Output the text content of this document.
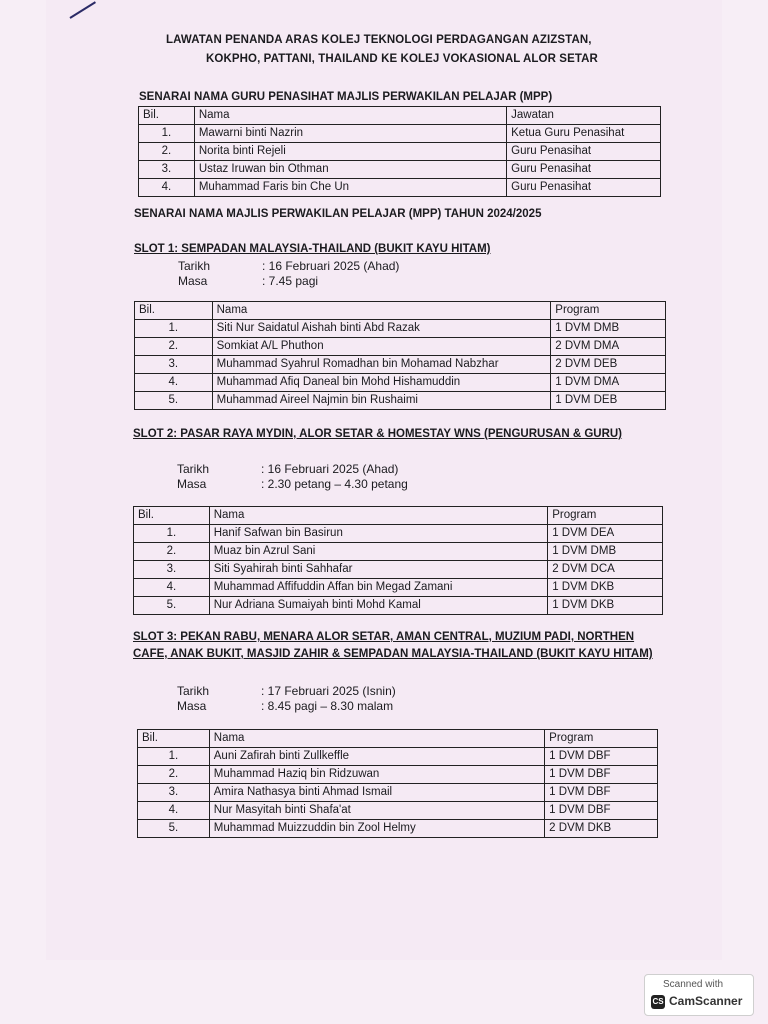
LAWATAN PENANDA ARAS KOLEJ TEKNOLOGI PERDAGANGAN AZIZSTAN,
KOKPHO, PATTANI, THAILAND KE KOLEJ VOKASIONAL ALOR SETAR
SENARAI NAMA GURU PENASIHAT MAJLIS PERWAKILAN PELAJAR (MPP)
Bil.	Nama	Jawatan
1.	Mawarni binti Nazrin	Ketua Guru Penasihat
2.	Norita binti Rejeli	Guru Penasihat
3.	Ustaz Iruwan bin Othman	Guru Penasihat
4.	Muhammad Faris bin Che Un	Guru Penasihat
SENARAI NAMA MAJLIS PERWAKILAN PELAJAR (MPP) TAHUN 2024/2025
SLOT 1: SEMPADAN MALAYSIA-THAILAND (BUKIT KAYU HITAM)
Tarikh	: 16 Februari 2025 (Ahad)
Masa	: 7.45 pagi
Bil.	Nama	Program
1.	Siti Nur Saidatul Aishah binti Abd Razak	1 DVM DMB
2.	Somkiat A/L Phuthon	2 DVM DMA
3.	Muhammad Syahrul Romadhan bin Mohamad Nabzhar	2 DVM DEB
4.	Muhammad Afiq Daneal bin Mohd Hishamuddin	1 DVM DMA
5.	Muhammad Aireel Najmin bin Rushaimi	1 DVM DEB
SLOT 2: PASAR RAYA MYDIN, ALOR SETAR & HOMESTAY WNS (PENGURUSAN & GURU)
Tarikh	: 16 Februari 2025 (Ahad)
Masa	: 2.30 petang – 4.30 petang
Bil.	Nama	Program
1.	Hanif Safwan bin Basirun	1 DVM DEA
2.	Muaz bin Azrul Sani	1 DVM DMB
3.	Siti Syahirah binti Sahhafar	2 DVM DCA
4.	Muhammad Affifuddin Affan bin Megad Zamani	1 DVM DKB
5.	Nur Adriana Sumaiyah binti Mohd Kamal	1 DVM DKB
SLOT 3: PEKAN RABU, MENARA ALOR SETAR, AMAN CENTRAL, MUZIUM PADI, NORTHEN CAFE, ANAK BUKIT, MASJID ZAHIR & SEMPADAN MALAYSIA-THAILAND (BUKIT KAYU HITAM)
Tarikh	: 17 Februari 2025 (Isnin)
Masa	: 8.45 pagi – 8.30 malam
Bil.	Nama	Program
1.	Auni Zafirah binti Zullkeffle	1 DVM DBF
2.	Muhammad Haziq bin Ridzuwan	1 DVM DBF
3.	Amira Nathasya binti Ahmad Ismail	1 DVM DBF
4.	Nur Masyitah binti Shafa'at	1 DVM DBF
5.	Muhammad Muizzuddin bin Zool Helmy	2 DVM DKB
Scanned with
CS CamScanner
